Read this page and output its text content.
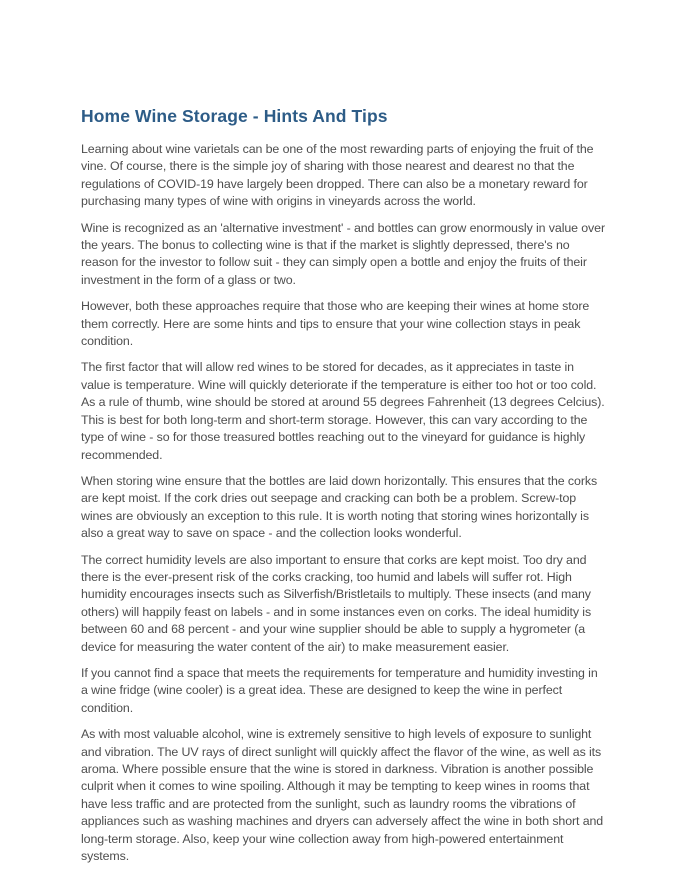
Home Wine Storage - Hints And Tips

Learning about wine varietals can be one of the most rewarding parts of enjoying the fruit of the vine. Of course, there is the simple joy of sharing with those nearest and dearest no that the regulations of COVID-19 have largely been dropped. There can also be a monetary reward for purchasing many types of wine with origins in vineyards across the world.

Wine is recognized as an 'alternative investment' - and bottles can grow enormously in value over the years. The bonus to collecting wine is that if the market is slightly depressed, there's no reason for the investor to follow suit - they can simply open a bottle and enjoy the fruits of their investment in the form of a glass or two.

However, both these approaches require that those who are keeping their wines at home store them correctly. Here are some hints and tips to ensure that your wine collection stays in peak condition.

The first factor that will allow red wines to be stored for decades, as it appreciates in taste in value is temperature. Wine will quickly deteriorate if the temperature is either too hot or too cold. As a rule of thumb, wine should be stored at around 55 degrees Fahrenheit (13 degrees Celcius). This is best for both long-term and short-term storage. However, this can vary according to the type of wine - so for those treasured bottles reaching out to the vineyard for guidance is highly recommended.

When storing wine ensure that the bottles are laid down horizontally. This ensures that the corks are kept moist. If the cork dries out seepage and cracking can both be a problem. Screw-top wines are obviously an exception to this rule. It is worth noting that storing wines horizontally is also a great way to save on space - and the collection looks wonderful.

The correct humidity levels are also important to ensure that corks are kept moist. Too dry and there is the ever-present risk of the corks cracking, too humid and labels will suffer rot. High humidity encourages insects such as Silverfish/Bristletails to multiply. These insects (and many others) will happily feast on labels - and in some instances even on corks. The ideal humidity is between 60 and 68 percent - and your wine supplier should be able to supply a hygrometer (a device for measuring the water content of the air) to make measurement easier.

If you cannot find a space that meets the requirements for temperature and humidity investing in a wine fridge (wine cooler) is a great idea. These are designed to keep the wine in perfect condition.

As with most valuable alcohol, wine is extremely sensitive to high levels of exposure to sunlight and vibration. The UV rays of direct sunlight will quickly affect the flavor of the wine, as well as its aroma. Where possible ensure that the wine is stored in darkness. Vibration is another possible culprit when it comes to wine spoiling. Although it may be tempting to keep wines in rooms that have less traffic and are protected from the sunlight, such as laundry rooms the vibrations of appliances such as washing machines and dryers can adversely affect the wine in both short and long-term storage. Also, keep your wine collection away from high-powered entertainment systems.
